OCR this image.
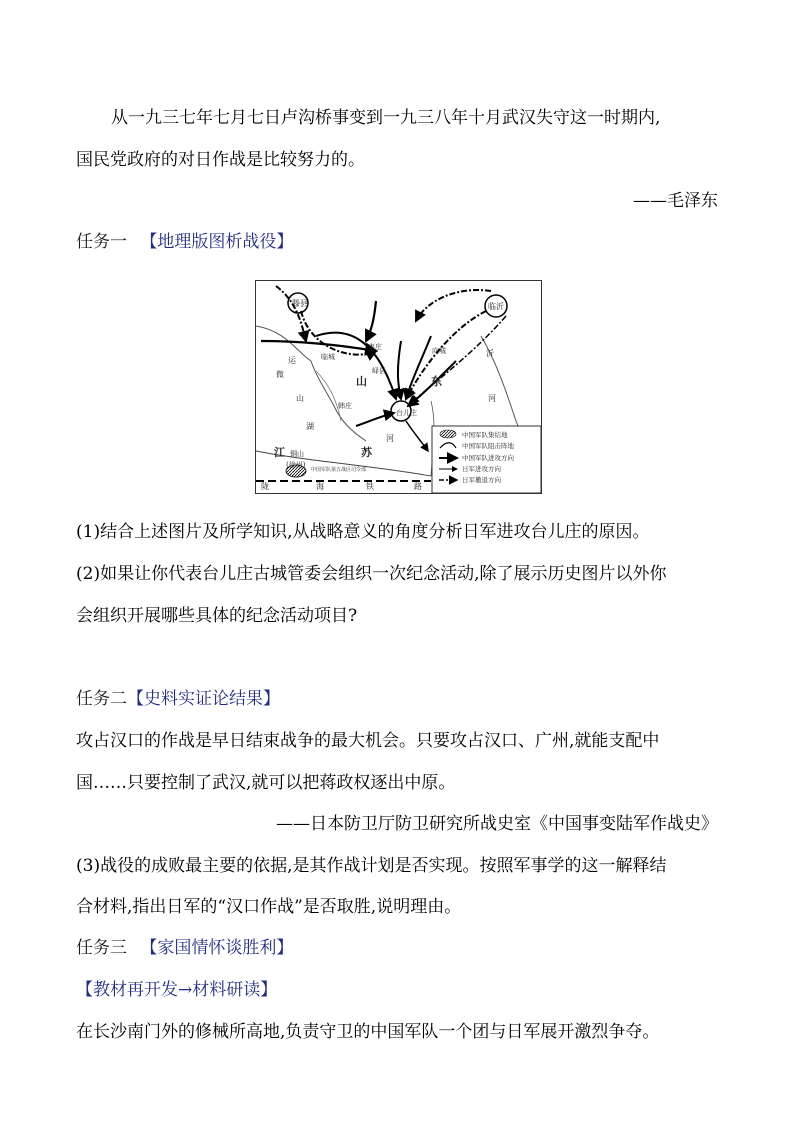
从一九三七年七月七日卢沟桥事变到一九三八年十月武汉失守这一时期内,
国民党政府的对日作战是比较努力的。
——毛泽东
任务一 【地理版图析战役】
滕县	临沂
枣庄
峄县
台儿庄
韩庄
铜山
(徐州)
临城
向城
江	苏
山	东
运
微
山
湖
河
沂
河
陇	海	铁	路
中国军队第五战区司令部
中国军队集结地
中国军队阻击阵地
中国军队进攻方向
日军进攻方向
日军撤退方向
(1)结合上述图片及所学知识,从战略意义的角度分析日军进攻台儿庄的原因。
(2)如果让你代表台儿庄古城管委会组织一次纪念活动,除了展示历史图片以外你
会组织开展哪些具体的纪念活动项目?
任务二【史料实证论结果】
攻占汉口的作战是早日结束战争的最大机会。只要攻占汉口、广州,就能支配中
国……只要控制了武汉,就可以把蒋政权逐出中原。
——日本防卫厅防卫研究所战史室《中国事变陆军作战史》
(3)战役的成败最主要的依据,是其作战计划是否实现。按照军事学的这一解释结
合材料,指出日军的“汉口作战”是否取胜,说明理由。
任务三 【家国情怀谈胜利】
【教材再开发→材料研读】
在长沙南门外的修械所高地,负责守卫的中国军队一个团与日军展开激烈争夺。
